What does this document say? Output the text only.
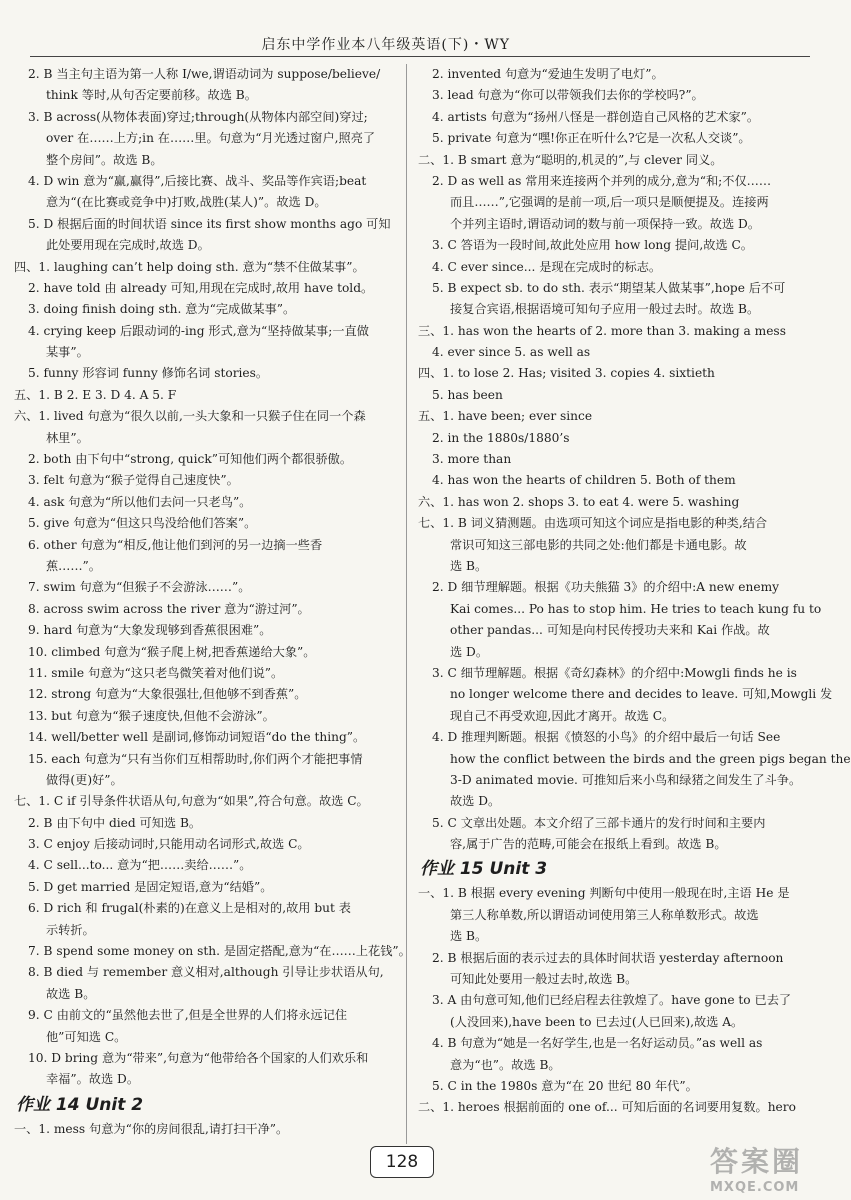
启东中学作业本八年级英语(下)・WY
2. B 当主句主语为第一人称 I/we,谓语动词为 suppose/believe/
think 等时,从句否定要前移。故选 B。
3. B across(从物体表面)穿过;through(从物体内部空间)穿过;
over 在……上方;in 在……里。句意为“月光透过窗户,照亮了
整个房间”。故选 B。
4. D win 意为“赢,赢得”,后接比赛、战斗、奖品等作宾语;beat
意为“(在比赛或竞争中)打败,战胜(某人)”。故选 D。
5. D 根据后面的时间状语 since its first show months ago 可知
此处要用现在完成时,故选 D。
四、1. laughing can’t help doing sth. 意为“禁不住做某事”。
2. have told 由 already 可知,用现在完成时,故用 have told。
3. doing finish doing sth. 意为“完成做某事”。
4. crying keep 后跟动词的-ing 形式,意为“坚持做某事;一直做
某事”。
5. funny 形容词 funny 修饰名词 stories。
五、1. B 2. E 3. D 4. A 5. F
六、1. lived 句意为“很久以前,一头大象和一只猴子住在同一个森
林里”。
2. both 由下句中“strong, quick”可知他们两个都很骄傲。
3. felt 句意为“猴子觉得自己速度快”。
4. ask 句意为“所以他们去问一只老鸟”。
5. give 句意为“但这只鸟没给他们答案”。
6. other 句意为“相反,他让他们到河的另一边摘一些香
蕉……”。
7. swim 句意为“但猴子不会游泳……”。
8. across swim across the river 意为“游过河”。
9. hard 句意为“大象发现够到香蕉很困难”。
10. climbed 句意为“猴子爬上树,把香蕉递给大象”。
11. smile 句意为“这只老鸟微笑着对他们说”。
12. strong 句意为“大象很强壮,但他够不到香蕉”。
13. but 句意为“猴子速度快,但他不会游泳”。
14. well/better well 是副词,修饰动词短语“do the thing”。
15. each 句意为“只有当你们互相帮助时,你们两个才能把事情
做得(更)好”。
七、1. C if 引导条件状语从句,句意为“如果”,符合句意。故选 C。
2. B 由下句中 died 可知选 B。
3. C enjoy 后接动词时,只能用动名词形式,故选 C。
4. C sell...to... 意为“把……卖给……”。
5. D get married 是固定短语,意为“结婚”。
6. D rich 和 frugal(朴素的)在意义上是相对的,故用 but 表
示转折。
7. B spend some money on sth. 是固定搭配,意为“在……上花钱”。
8. B died 与 remember 意义相对,although 引导让步状语从句,
故选 B。
9. C 由前文的“虽然他去世了,但是全世界的人们将永远记住
他”可知选 C。
10. D bring 意为“带来”,句意为“他带给各个国家的人们欢乐和
幸福”。故选 D。
作业 14 Unit 2
一、1. mess 句意为“你的房间很乱,请打扫干净”。
2. invented 句意为“爱迪生发明了电灯”。
3. lead 句意为“你可以带领我们去你的学校吗?”。
4. artists 句意为“扬州八怪是一群创造自己风格的艺术家”。
5. private 句意为“嘿!你正在听什么?它是一次私人交谈”。
二、1. B smart 意为“聪明的,机灵的”,与 clever 同义。
2. D as well as 常用来连接两个并列的成分,意为“和;不仅……
而且……”,它强调的是前一项,后一项只是顺便提及。连接两
个并列主语时,谓语动词的数与前一项保持一致。故选 D。
3. C 答语为一段时间,故此处应用 how long 提问,故选 C。
4. C ever since... 是现在完成时的标志。
5. B expect sb. to do sth. 表示“期望某人做某事”,hope 后不可
接复合宾语,根据语境可知句子应用一般过去时。故选 B。
三、1. has won the hearts of 2. more than 3. making a mess
4. ever since 5. as well as
四、1. to lose 2. Has; visited 3. copies 4. sixtieth
5. has been
五、1. have been; ever since
2. in the 1880s/1880’s
3. more than
4. has won the hearts of children 5. Both of them
六、1. has won 2. shops 3. to eat 4. were 5. washing
七、1. B 词义猜测题。由选项可知这个词应是指电影的种类,结合
常识可知这三部电影的共同之处:他们都是卡通电影。故
选 B。
2. D 细节理解题。根据《功夫熊猫 3》的介绍中:A new enemy
Kai comes... Po has to stop him. He tries to teach kung fu to
other pandas... 可知是向村民传授功夫来和 Kai 作战。故
选 D。
3. C 细节理解题。根据《奇幻森林》的介绍中:Mowgli finds he is
no longer welcome there and decides to leave. 可知,Mowgli 发
现自己不再受欢迎,因此才离开。故选 C。
4. D 推理判断题。根据《愤怒的小鸟》的介绍中最后一句话 See
how the conflict between the birds and the green pigs began the
3-D animated movie. 可推知后来小鸟和绿猪之间发生了斗争。
故选 D。
5. C 文章出处题。本文介绍了三部卡通片的发行时间和主要内
容,属于广告的范畴,可能会在报纸上看到。故选 B。
作业 15 Unit 3
一、1. B 根据 every evening 判断句中使用一般现在时,主语 He 是
第三人称单数,所以谓语动词使用第三人称单数形式。故选
选 B。
2. B 根据后面的表示过去的具体时间状语 yesterday afternoon
可知此处要用一般过去时,故选 B。
3. A 由句意可知,他们已经启程去往敦煌了。have gone to 已去了
(人没回来),have been to 已去过(人已回来),故选 A。
4. B 句意为“她是一名好学生,也是一名好运动员。”as well as
意为“也”。故选 B。
5. C in the 1980s 意为“在 20 世纪 80 年代”。
二、1. heroes 根据前面的 one of... 可知后面的名词要用复数。hero
128	答案圈
MXQE.COM
